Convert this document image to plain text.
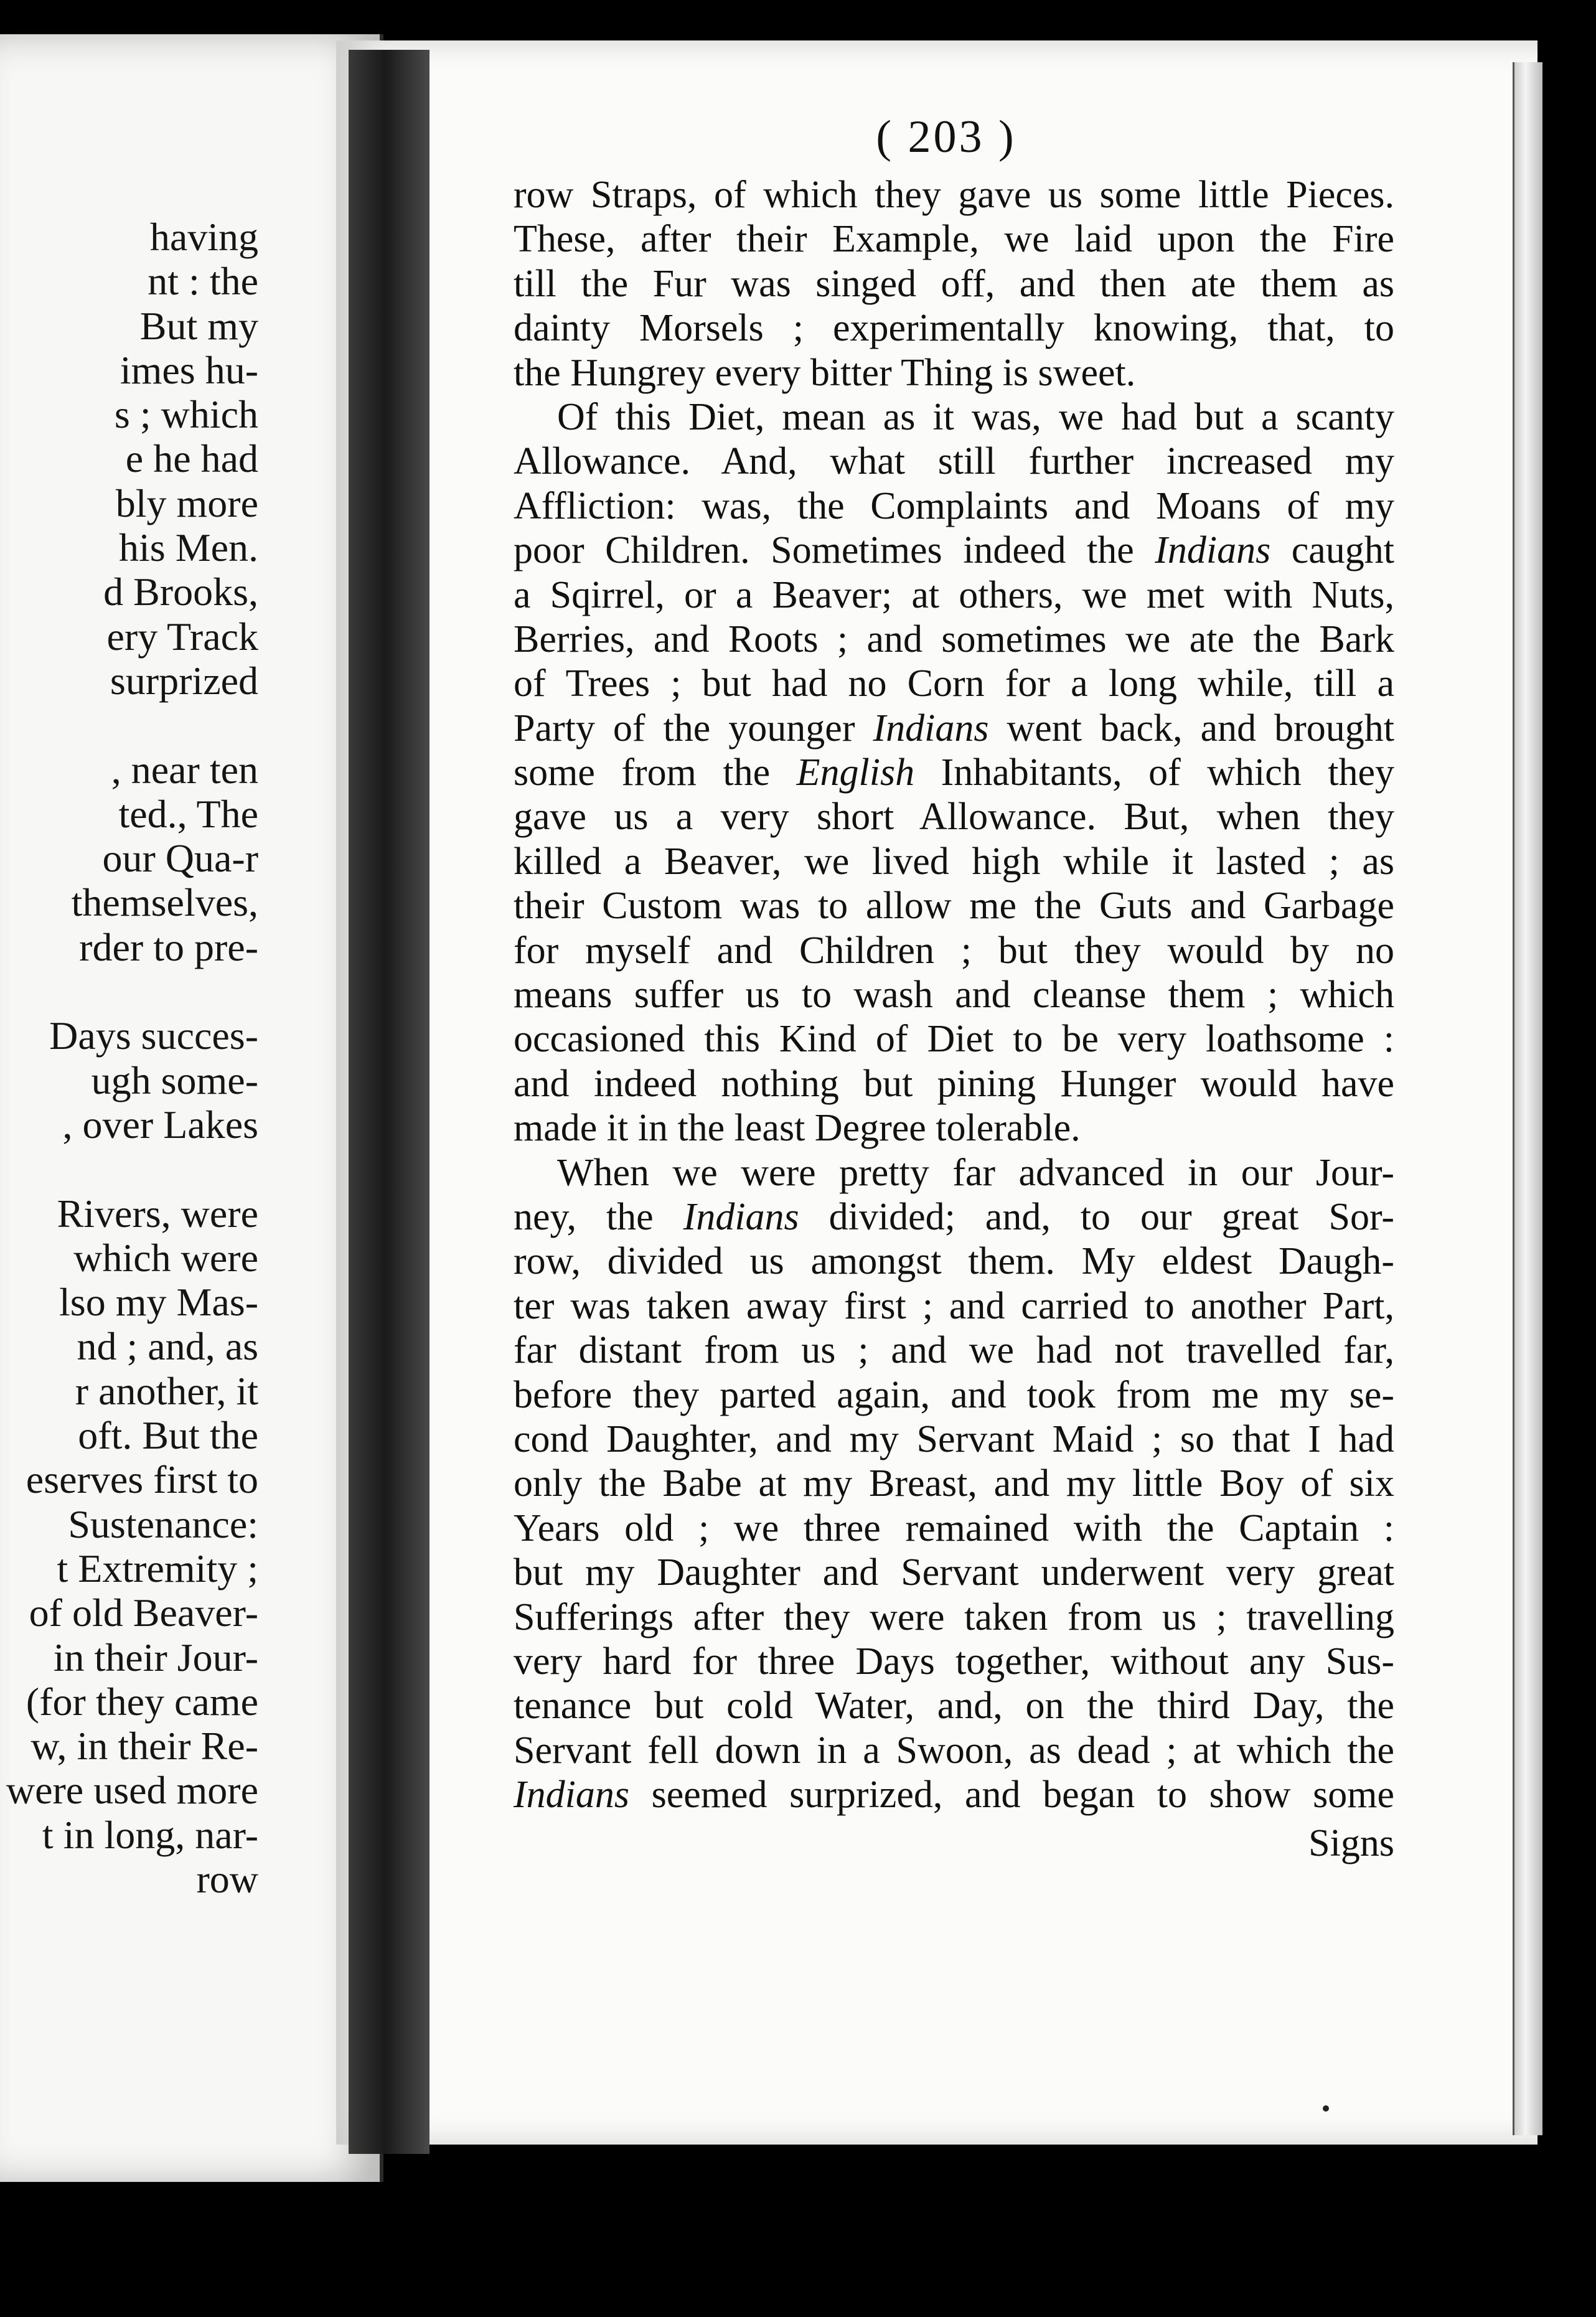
having
nt : the
But my
imes hu-
s ; which
e he had
bly more
his Men.
d Brooks,
ery Track
surprized
, near ten
ted., The
our Qua-r
themselves,
rder to pre-
Days succes-
ugh some-
, over Lakes
Rivers, were
which were
lso my Mas-
nd ; and, as
r another, it
oft. But the
eserves first to
Sustenance:
t Extremity ;
of old Beaver-
in their Jour-
(for they came
w, in their Re-
were used more
t in long, nar-
row
( 203 )
row Straps, of which they gave us some little Pieces.
These, after their Example, we laid upon the Fire
till the Fur was singed off, and then ate them as
dainty Morsels ; experimentally knowing, that, to
the Hungrey every bitter Thing is sweet.
Of this Diet, mean as it was, we had but a scanty
Allowance. And, what still further increased my
Affliction: was, the Complaints and Moans of my
poor Children. Sometimes indeed the Indians caught
a Sqirrel, or a Beaver; at others, we met with Nuts,
Berries, and Roots ; and sometimes we ate the Bark
of Trees ; but had no Corn for a long while, till a
Party of the younger Indians went back, and brought
some from the English Inhabitants, of which they
gave us a very short Allowance. But, when they
killed a Beaver, we lived high while it lasted ; as
their Custom was to allow me the Guts and Garbage
for myself and Children ; but they would by no
means suffer us to wash and cleanse them ; which
occasioned this Kind of Diet to be very loathsome :
and indeed nothing but pining Hunger would have
made it in the least Degree tolerable.
When we were pretty far advanced in our Jour-
ney, the Indians divided; and, to our great Sor-
row, divided us amongst them. My eldest Daugh-
ter was taken away first ; and carried to another Part,
far distant from us ; and we had not travelled far,
before they parted again, and took from me my se-
cond Daughter, and my Servant Maid ; so that I had
only the Babe at my Breast, and my little Boy of six
Years old ; we three remained with the Captain :
but my Daughter and Servant underwent very great
Sufferings after they were taken from us ; travelling
very hard for three Days together, without any Sus-
tenance but cold Water, and, on the third Day, the
Servant fell down in a Swoon, as dead ; at which the
Indians seemed surprized, and began to show some
Signs
